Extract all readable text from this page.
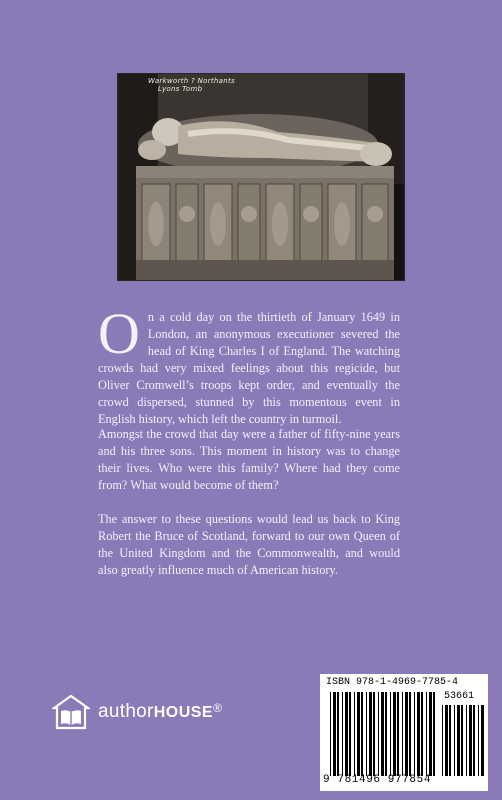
Warkworth ? Northants
Lyons Tomb

On a cold day on the thirtieth of January 1649 in London, an anonymous executioner severed the head of King Charles I of England. The watching crowds had very mixed feelings about this regicide, but Oliver Cromwell’s troops kept order, and eventually the crowd dispersed, stunned by this momentous event in English history, which left the country in turmoil.

Amongst the crowd that day were a father of fifty-nine years and his three sons. This moment in history was to change their lives. Who were this family? Where had they come from? What would become of them?

The answer to these questions would lead us back to King Robert the Bruce of Scotland, forward to our own Queen of the United Kingdom and the Commonwealth, and would also greatly influence much of American history.

authorHOUSE®
ISBN 978-1-4969-7785-4
53661
9 781496 977854
